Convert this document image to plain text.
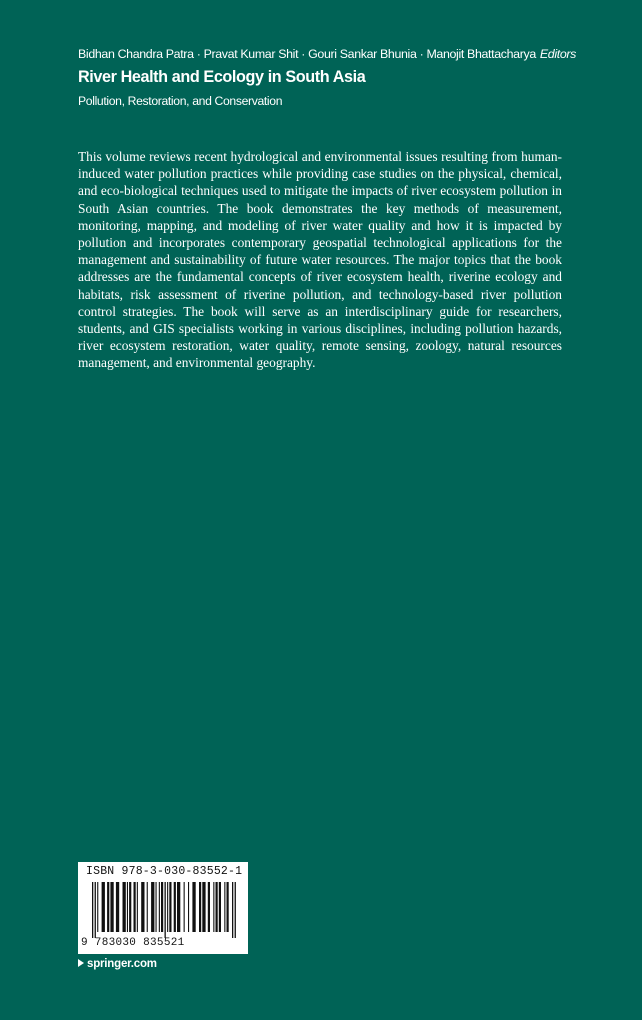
Bidhan Chandra Patra · Pravat Kumar Shit · Gouri Sankar Bhunia · Manojit Bhattacharya Editors
River Health and Ecology in South Asia
Pollution, Restoration, and Conservation

This volume reviews recent hydrological and environmental issues resulting from human-induced water pollution practices while providing case studies on the physical, chemical, and eco-biological techniques used to mitigate the impacts of river ecosystem pollution in South Asian countries. The book demonstrates the key methods of measurement, monitoring, mapping, and modeling of river water quality and how it is impacted by pollution and incorporates contemporary geospatial technological applications for the management and sustainability of future water resources. The major topics that the book addresses are the fundamental concepts of river ecosystem health, riverine ecology and habitats, risk assessment of riverine pollution, and technology-based river pollution control strategies. The book will serve as an interdisciplinary guide for researchers, students, and GIS specialists working in various disciplines, including pollution hazards, river ecosystem restoration, water quality, remote sensing, zoology, natural resources management, and environmental geography.

ISBN 978-3-030-83552-1
9 783030 835521
springer.com
